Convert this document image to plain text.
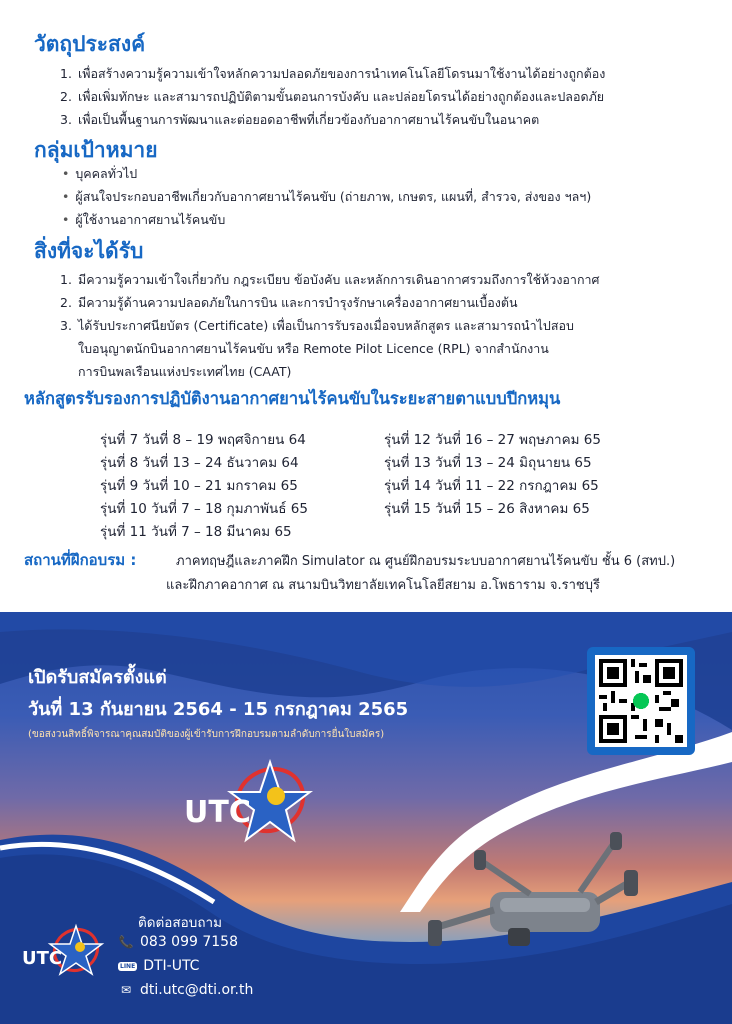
วัตถุประสงค์
1. เพื่อสร้างความรู้ความเข้าใจหลักความปลอดภัยของการนำเทคโนโลยีโดรนมาใช้งานได้อย่างถูกต้อง
2. เพื่อเพิ่มทักษะ และสามารถปฏิบัติตามขั้นตอนการบังคับ และปล่อยโดรนได้อย่างถูกต้องและปลอดภัย
3. เพื่อเป็นพื้นฐานการพัฒนาและต่อยอดอาชีพที่เกี่ยวข้องกับอากาศยานไร้คนขับในอนาคต
กลุ่มเป้าหมาย
• บุคคลทั่วไป
• ผู้สนใจประกอบอาชีพเกี่ยวกับอากาศยานไร้คนขับ (ถ่ายภาพ, เกษตร, แผนที่, สำรวจ, ส่งของ ฯลฯ)
• ผู้ใช้งานอากาศยานไร้คนขับ
สิ่งที่จะได้รับ
1. มีความรู้ความเข้าใจเกี่ยวกับ กฎระเบียบ ข้อบังคับ และหลักการเดินอากาศรวมถึงการใช้ห้วงอากาศ
2. มีความรู้ด้านความปลอดภัยในการบิน และการบำรุงรักษาเครื่องอากาศยานเบื้องต้น
3. ได้รับประกาศนียบัตร (Certificate) เพื่อเป็นการรับรองเมื่อจบหลักสูตร และสามารถนำไปสอบ
ใบอนุญาตนักบินอากาศยานไร้คนขับ หรือ Remote Pilot Licence (RPL) จากสำนักงาน
การบินพลเรือนแห่งประเทศไทย (CAAT)
หลักสูตรรับรองการปฏิบัติงานอากาศยานไร้คนขับในระยะสายตาแบบปีกหมุน
รุ่นที่ 7 วันที่ 8 – 19 พฤศจิกายน 64
รุ่นที่ 8 วันที่ 13 – 24 ธันวาคม 64
รุ่นที่ 9 วันที่ 10 – 21 มกราคม 65
รุ่นที่ 10 วันที่ 7 – 18 กุมภาพันธ์ 65
รุ่นที่ 11 วันที่ 7 – 18 มีนาคม 65
รุ่นที่ 12 วันที่ 16 – 27 พฤษภาคม 65
รุ่นที่ 13 วันที่ 13 – 24 มิถุนายน 65
รุ่นที่ 14 วันที่ 11 – 22 กรกฎาคม 65
รุ่นที่ 15 วันที่ 15 – 26 สิงหาคม 65
สถานที่ฝึกอบรม :	ภาคทฤษฎีและภาคฝึก Simulator ณ ศูนย์ฝึกอบรมระบบอากาศยานไร้คนขับ ชั้น 6 (สทป.)
และฝึกภาคอากาศ ณ สนามบินวิทยาลัยเทคโนโลยีสยาม อ.โพธาราม จ.ราชบุรี
UTC
UTC
เปิดรับสมัครตั้งแต่
วันที่ 13 กันยายน 2564 - 15 กรกฎาคม 2565
(ขอสงวนสิทธิ์พิจารณาคุณสมบัติของผู้เข้ารับการฝึกอบรมตามลำดับการยื่นใบสมัคร)
ติดต่อสอบถาม
📞 083 099 7158
LINE DTI-UTC
✉ dti.utc@dti.or.th
